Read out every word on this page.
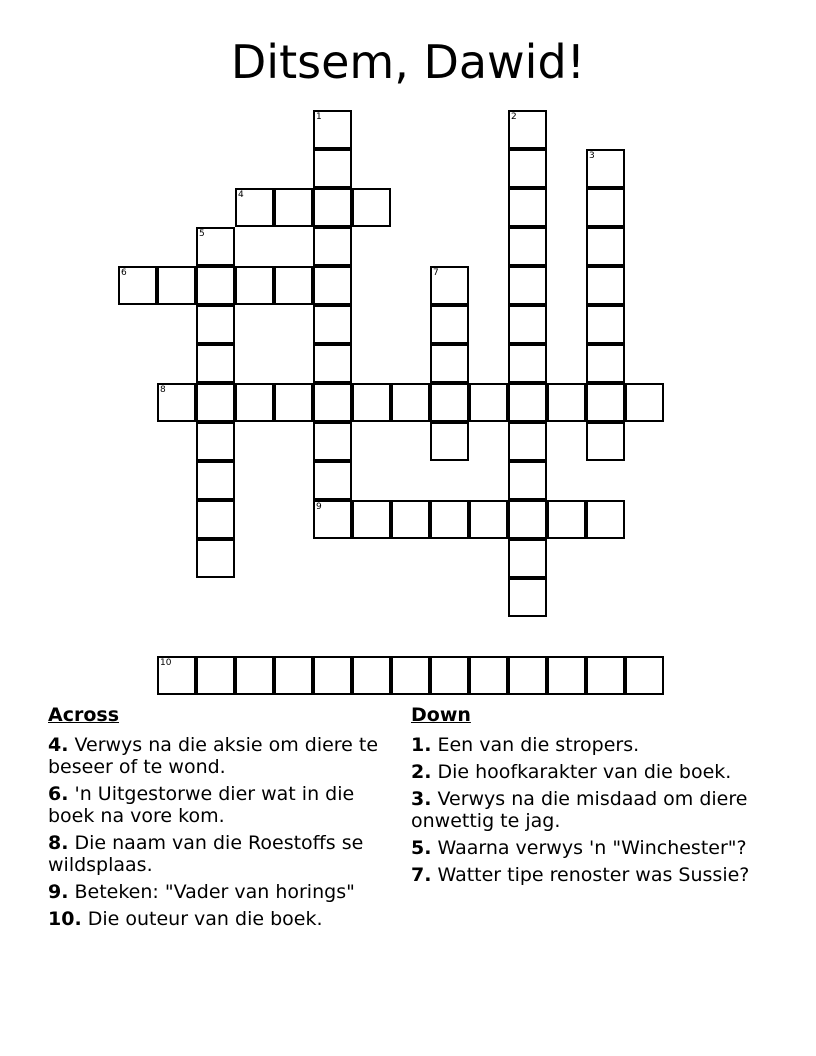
Ditsem, Dawid!
1	2
3
4
5
6	7
8
9
10
Across
4. Verwys na die aksie om diere te beseer of te wond.
6. 'n Uitgestorwe dier wat in die boek na vore kom.
8. Die naam van die Roestoffs se wildsplaas.
9. Beteken: "Vader van horings"
10. Die outeur van die boek.
Down
1. Een van die stropers.
2. Die hoofkarakter van die boek.
3. Verwys na die misdaad om diere onwettig te jag.
5. Waarna verwys 'n "Winchester"?
7. Watter tipe renoster was Sussie?
